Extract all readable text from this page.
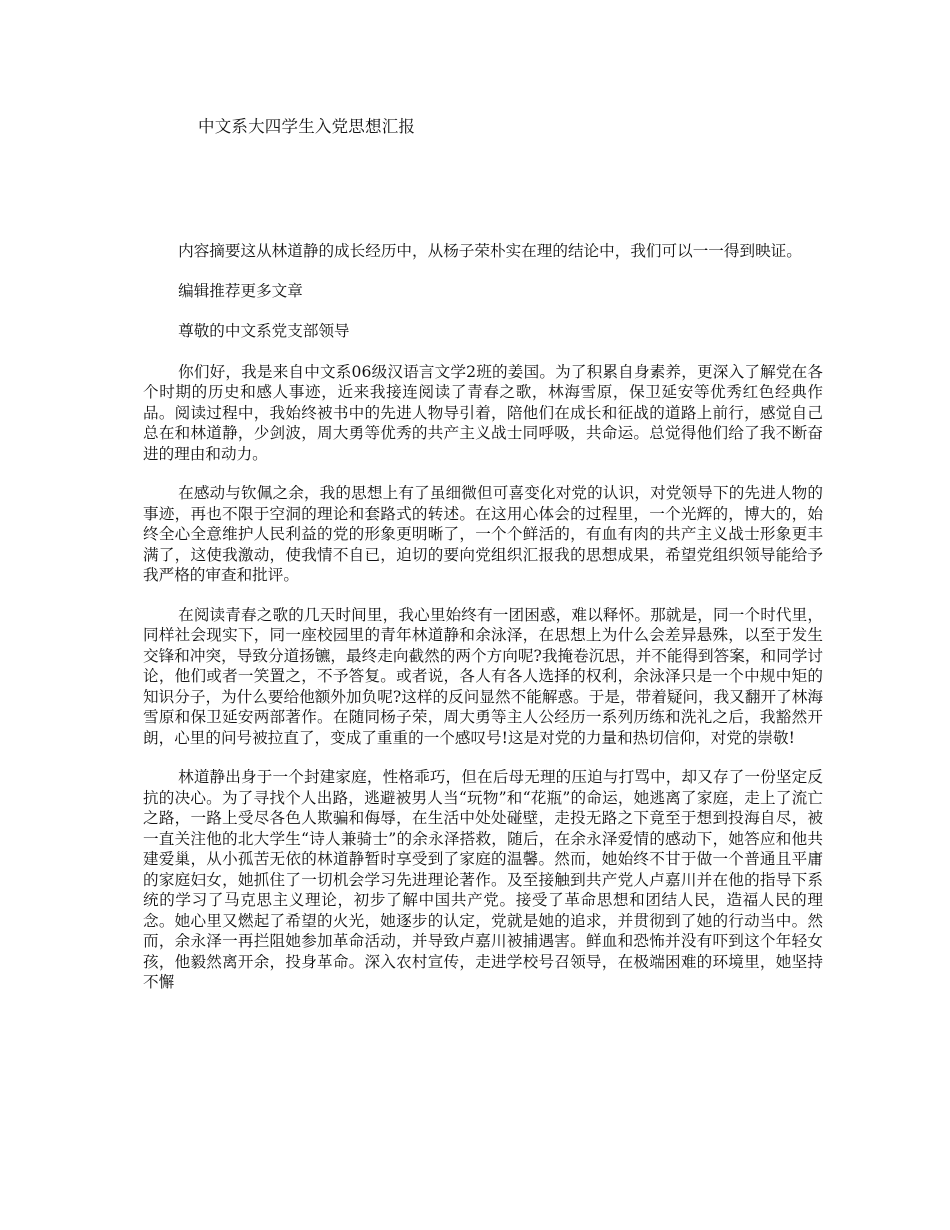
中文系大四学生入党思想汇报

内容摘要这从林道静的成长经历中，从杨子荣朴实在理的结论中，我们可以一一得到映证。

编辑推荐更多文章

尊敬的中文系党支部领导

你们好，我是来自中文系06级汉语言文学2班的姜国。为了积累自身素养，更深入了解党在各个时期的历史和感人事迹，近来我接连阅读了青春之歌，林海雪原，保卫延安等优秀红色经典作品。阅读过程中，我始终被书中的先进人物导引着，陪他们在成长和征战的道路上前行，感觉自己总在和林道静，少剑波，周大勇等优秀的共产主义战士同呼吸，共命运。总觉得他们给了我不断奋进的理由和动力。

在感动与钦佩之余，我的思想上有了虽细微但可喜变化对党的认识，对党领导下的先进人物的事迹，再也不限于空洞的理论和套路式的转述。在这用心体会的过程里，一个光辉的，博大的，始终全心全意维护人民利益的党的形象更明晰了，一个个鲜活的，有血有肉的共产主义战士形象更丰满了，这使我激动，使我情不自已，迫切的要向党组织汇报我的思想成果，希望党组织领导能给予我严格的审查和批评。

在阅读青春之歌的几天时间里，我心里始终有一团困惑，难以释怀。那就是，同一个时代里，同样社会现实下，同一座校园里的青年林道静和余泳泽，在思想上为什么会差异悬殊，以至于发生交锋和冲突，导致分道扬镳，最终走向截然的两个方向呢?我掩卷沉思，并不能得到答案，和同学讨论，他们或者一笑置之，不予答复。或者说，各人有各人选择的权利，余泳泽只是一个中规中矩的知识分子，为什么要给他额外加负呢?这样的反问显然不能解惑。于是，带着疑问，我又翻开了林海雪原和保卫延安两部著作。在随同杨子荣，周大勇等主人公经历一系列历练和洗礼之后，我豁然开朗，心里的问号被拉直了，变成了重重的一个感叹号!这是对党的力量和热切信仰，对党的崇敬!

林道静出身于一个封建家庭，性格乖巧，但在后母无理的压迫与打骂中，却又存了一份坚定反抗的决心。为了寻找个人出路，逃避被男人当“玩物”和“花瓶”的命运，她逃离了家庭，走上了流亡之路，一路上受尽各色人欺骗和侮辱，在生活中处处碰壁，走投无路之下竟至于想到投海自尽，被一直关注他的北大学生“诗人兼骑士”的余永泽搭救，随后，在余永泽爱情的感动下，她答应和他共建爱巢，从小孤苦无依的林道静暂时享受到了家庭的温馨。然而，她始终不甘于做一个普通且平庸的家庭妇女，她抓住了一切机会学习先进理论著作。及至接触到共产党人卢嘉川并在他的指导下系统的学习了马克思主义理论，初步了解中国共产党。接受了革命思想和团结人民，造福人民的理念。她心里又燃起了希望的火光，她逐步的认定，党就是她的追求，并贯彻到了她的行动当中。然而，余永泽一再拦阻她参加革命活动，并导致卢嘉川被捕遇害。鲜血和恐怖并没有吓到这个年轻女孩，他毅然离开余，投身革命。深入农村宣传，走进学校号召领导，在极端困难的环境里，她坚持不懈
